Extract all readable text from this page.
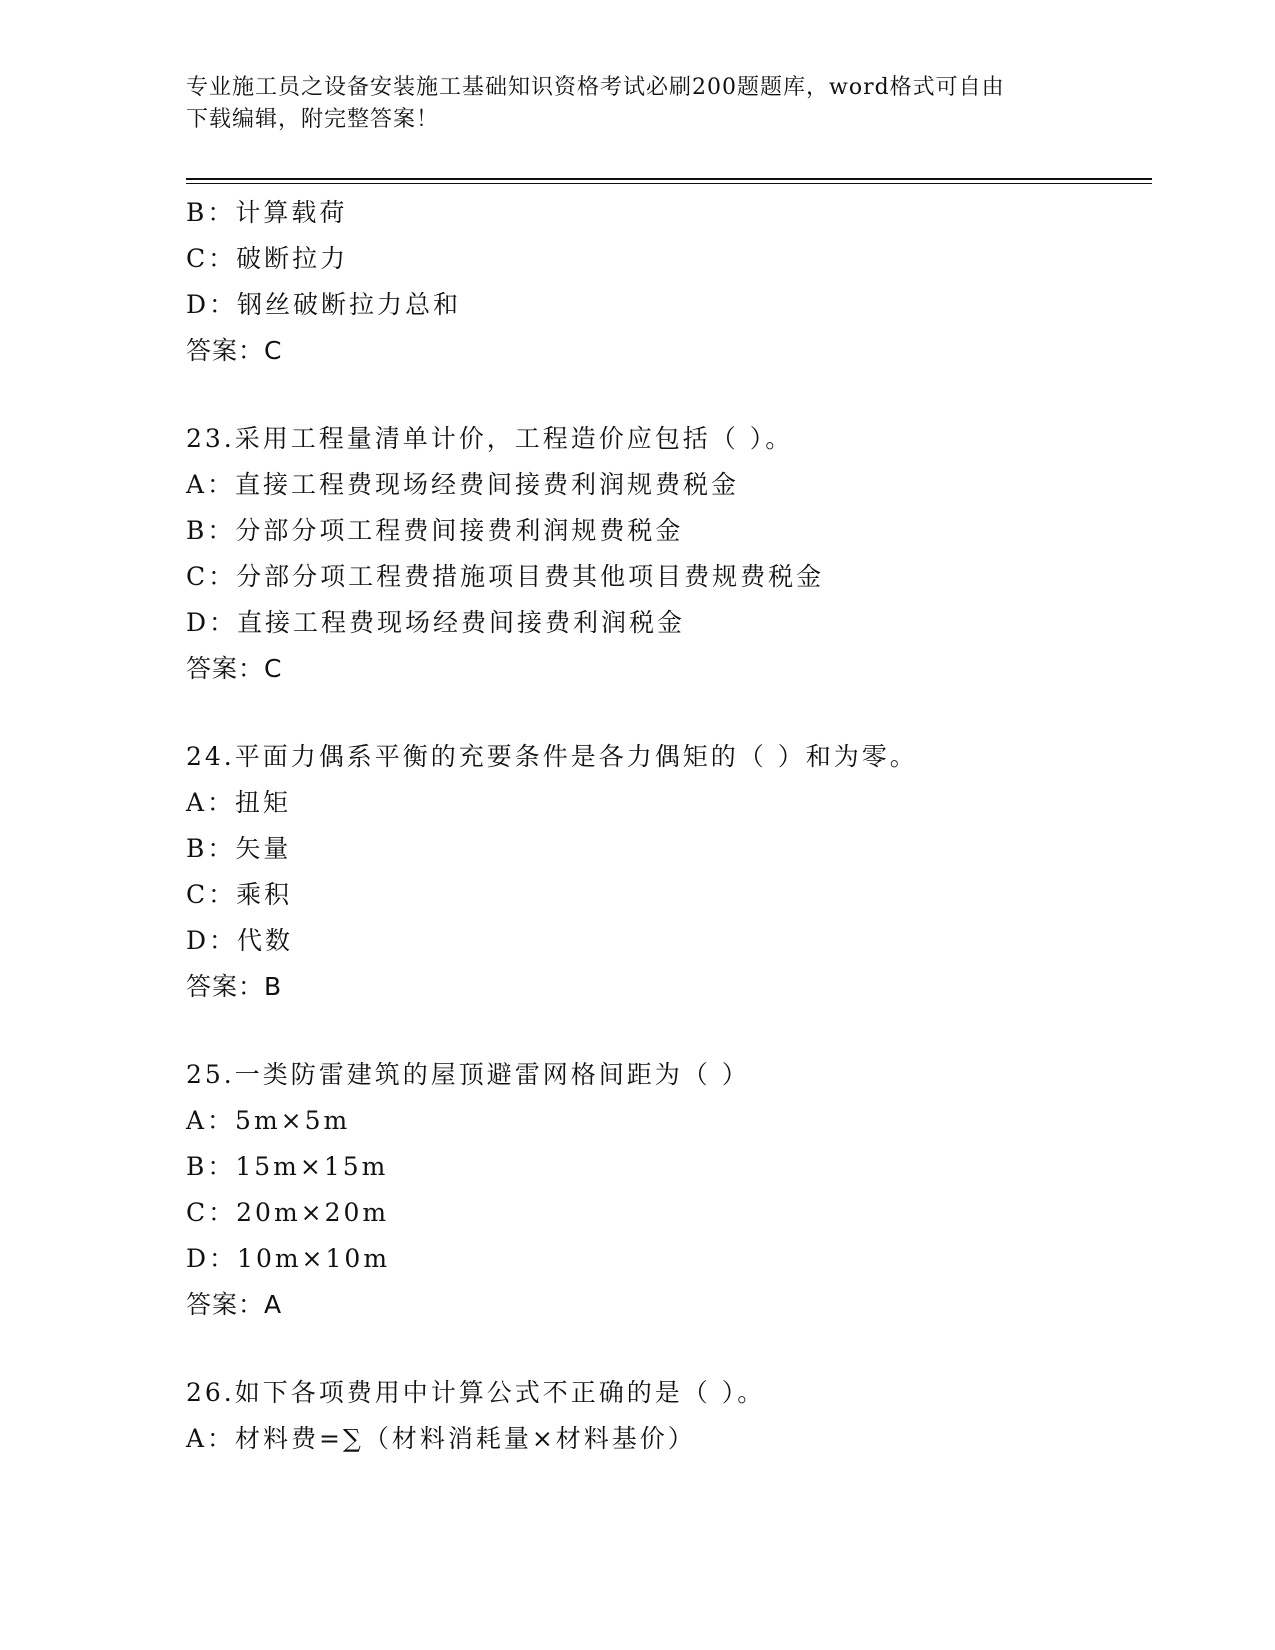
专业施工员之设备安装施工基础知识资格考试必刷200题题库，word格式可自由
下载编辑，附完整答案！
B：计算载荷
C：破断拉力
D：钢丝破断拉力总和
答案：C
23.采用工程量清单计价，工程造价应包括（ ）。
A：直接工程费现场经费间接费利润规费税金
B：分部分项工程费间接费利润规费税金
C：分部分项工程费措施项目费其他项目费规费税金
D：直接工程费现场经费间接费利润税金
答案：C
24.平面力偶系平衡的充要条件是各力偶矩的（ ）和为零。
A：扭矩
B：矢量
C：乘积
D：代数
答案：B
25.一类防雷建筑的屋顶避雷网格间距为（ ）
A：5m×5m
B：15m×15m
C：20m×20m
D：10m×10m
答案：A
26.如下各项费用中计算公式不正确的是（ ）。
A：材料费=∑（材料消耗量×材料基价）
